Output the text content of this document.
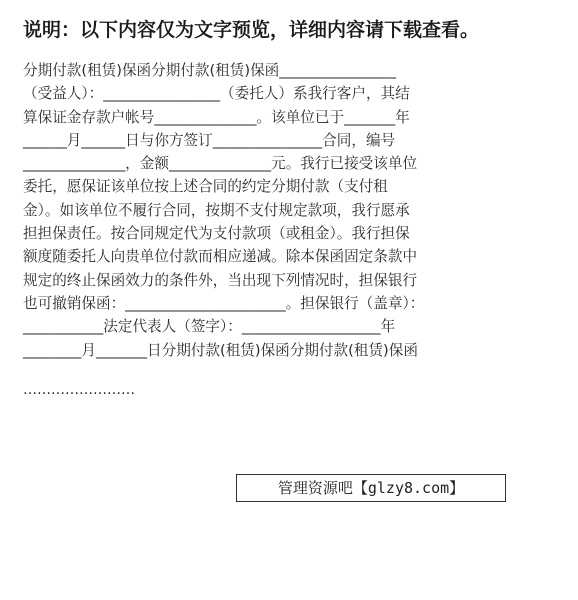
说明：以下内容仅为文字预览，详细内容请下载查看。
分期付款(租赁)保函分期付款(租赁)保函________________
（受益人）：________________（委托人）系我行客户，其结
算保证金存款户帐号______________。该单位已于_______年
______月______日与你方签订_______________合同，编号
______________，金额______________元。我行已接受该单位
委托，愿保证该单位按上述合同的约定分期付款（支付租
金）。如该单位不履行合同，按期不支付规定款项，我行愿承
担担保责任。按合同规定代为支付款项（或租金）。我行担保
额度随委托人向贵单位付款而相应递减。除本保函固定条款中
规定的终止保函效力的条件外，当出现下列情况时，担保银行
也可撤销保函：______________________。担保银行（盖章）：
___________法定代表人（签字）：___________________年
________月_______日分期付款(租赁)保函分期付款(租赁)保函
……………………
管理资源吧【glzy8.com】
